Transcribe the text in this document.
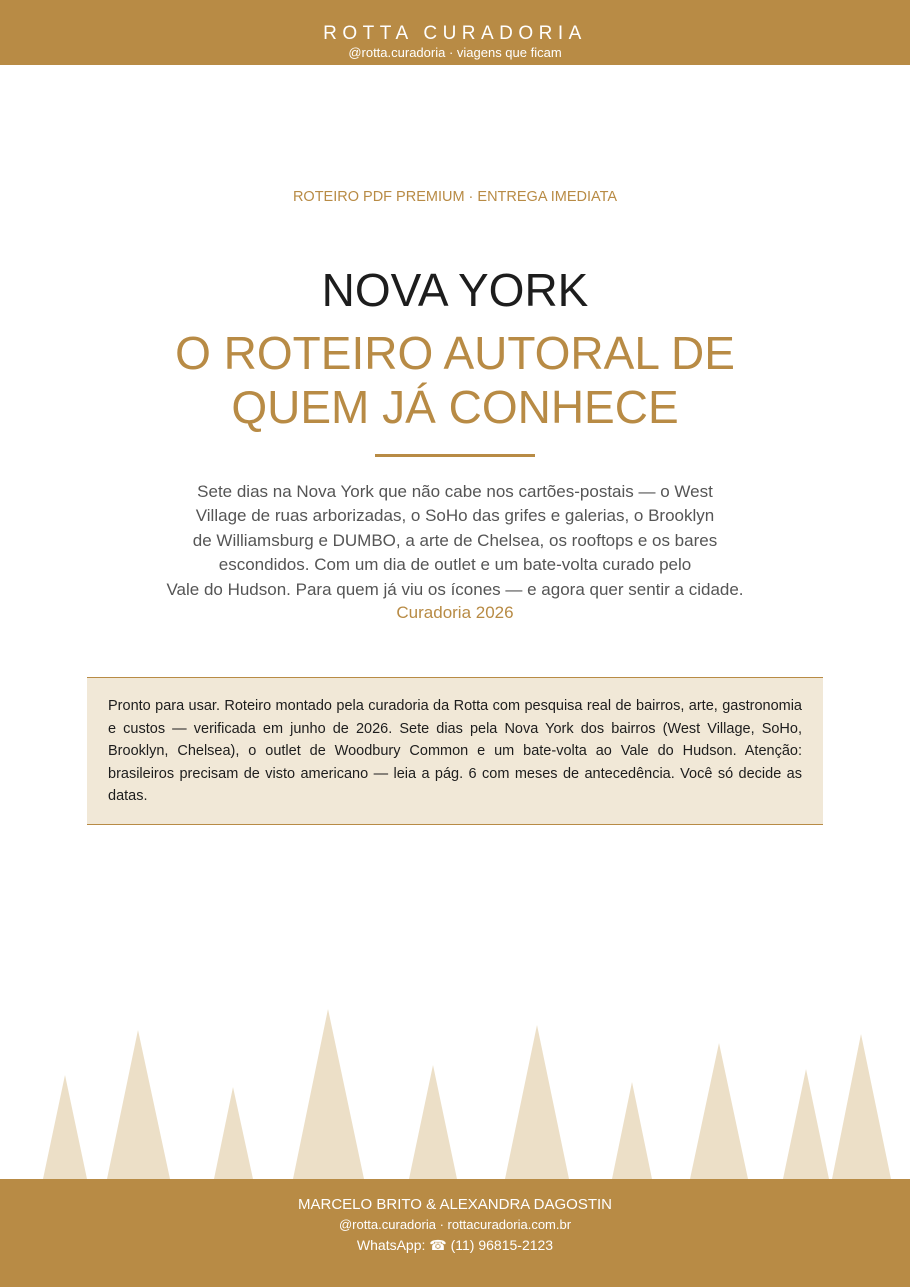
ROTTA CURADORIA
@rotta.curadoria · viagens que ficam
ROTEIRO PDF PREMIUM · ENTREGA IMEDIATA
NOVA YORK
O ROTEIRO AUTORAL DE
QUEM JÁ CONHECE
Sete dias na Nova York que não cabe nos cartões-postais — o West
Village de ruas arborizadas, o SoHo das grifes e galerias, o Brooklyn
de Williamsburg e DUMBO, a arte de Chelsea, os rooftops e os bares
escondidos. Com um dia de outlet e um bate-volta curado pelo
Vale do Hudson. Para quem já viu os ícones — e agora quer sentir a cidade.
Curadoria 2026
Pronto para usar. Roteiro montado pela curadoria da Rotta com pesquisa real de bairros, arte, gastronomia e custos — verificada em junho de 2026. Sete dias pela Nova York dos bairros (West Village, SoHo, Brooklyn, Chelsea), o outlet de Woodbury Common e um bate-volta ao Vale do Hudson. Atenção: brasileiros precisam de visto americano — leia a pág. 6 com meses de antecedência. Você só decide as datas.
MARCELO BRITO & ALEXANDRA DAGOSTIN
@rotta.curadoria · rottacuradoria.com.br
WhatsApp: ☎ (11) 96815-2123
